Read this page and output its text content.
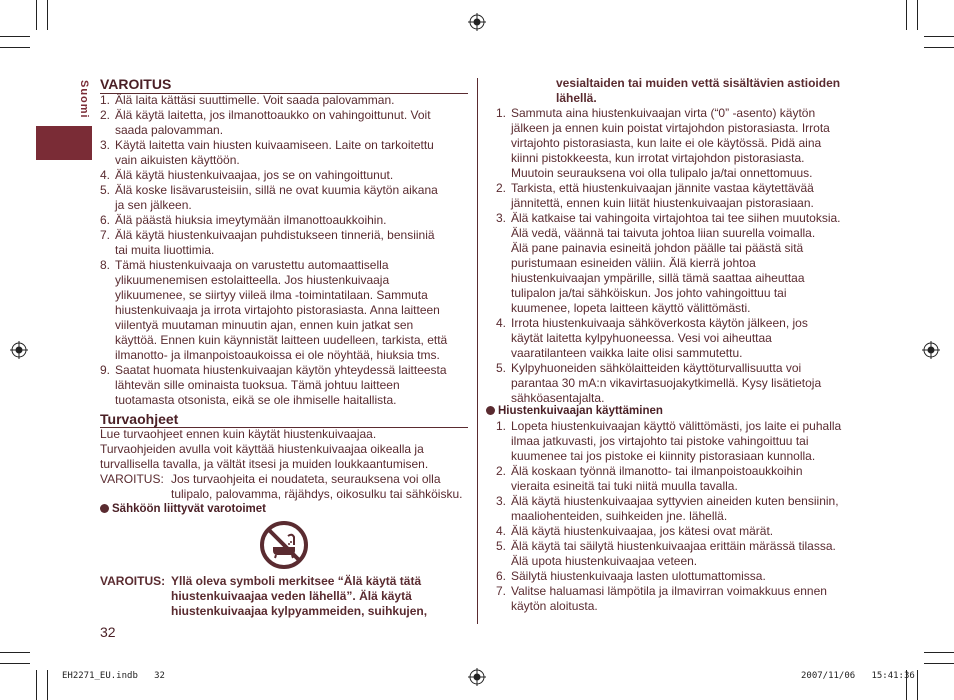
Suomi VAROITUS
1. Älä laita kättäsi suuttimelle. Voit saada palovamman.
2. Älä käytä laitetta, jos ilmanottoaukko on vahingoittunut. Voit
saada palovamman.
3. Käytä laitetta vain hiusten kuivaamiseen. Laite on tarkoitettu
vain aikuisten käyttöön.
4. Älä käytä hiustenkuivaajaa, jos se on vahingoittunut.
5. Älä koske lisävarusteisiin, sillä ne ovat kuumia käytön aikana
ja sen jälkeen.
6. Älä päästä hiuksia imeytymään ilmanottoaukkoihin.
7. Älä käytä hiustenkuivaajan puhdistukseen tinneriä, bensiiniä
tai muita liuottimia.
8. Tämä hiustenkuivaaja on varustettu automaattisella
ylikuumenemisen estolaitteella. Jos hiustenkuivaaja
ylikuumenee, se siirtyy viileä ilma -toimintatilaan. Sammuta
hiustenkuivaaja ja irrota virtajohto pistorasiasta. Anna laitteen
viilentyä muutaman minuutin ajan, ennen kuin jatkat sen
käyttöä. Ennen kuin käynnistät laitteen uudelleen, tarkista, että
ilmanotto- ja ilmanpoistoaukoissa ei ole nöyhtää, hiuksia tms.
9. Saatat huomata hiustenkuivaajan käytön yhteydessä laitteesta
lähtevän sille ominaista tuoksua. Tämä johtuu laitteen
tuotamasta otsonista, eikä se ole ihmiselle haitallista.
Turvaohjeet
Lue turvaohjeet ennen kuin käytät hiustenkuivaajaa.
Turvaohjeiden avulla voit käyttää hiustenkuivaajaa oikealla ja
turvallisella tavalla, ja vältät itsesi ja muiden loukkaantumisen.
VAROITUS: Jos turvaohjeita ei noudateta, seurauksena voi olla
tulipalo, palovamma, räjähdys, oikosulku tai sähköisku.
Sähköön liittyvät varotoimet
VAROITUS: Yllä oleva symboli merkitsee “Älä käytä tätä
hiustenkuivaajaa veden lähellä”. Älä käytä
hiustenkuivaajaa kylpyammeiden, suihkujen,
32
vesialtaiden tai muiden vettä sisältävien astioiden
lähellä.
1. Sammuta aina hiustenkuivaajan virta (“0” -asento) käytön
jälkeen ja ennen kuin poistat virtajohdon pistorasiasta. Irrota
virtajohto pistorasiasta, kun laite ei ole käytössä. Pidä aina
kiinni pistokkeesta, kun irrotat virtajohdon pistorasiasta.
Muutoin seurauksena voi olla tulipalo ja/tai onnettomuus.
2. Tarkista, että hiustenkuivaajan jännite vastaa käytettävää
jännitettä, ennen kuin liität hiustenkuivaajan pistorasiaan.
3. Älä katkaise tai vahingoita virtajohtoa tai tee siihen muutoksia.
Älä vedä, väännä tai taivuta johtoa liian suurella voimalla.
Älä pane painavia esineitä johdon päälle tai päästä sitä
puristumaan esineiden väliin. Älä kierrä johtoa
hiustenkuivaajan ympärille, sillä tämä saattaa aiheuttaa
tulipalon ja/tai sähköiskun. Jos johto vahingoittuu tai
kuumenee, lopeta laitteen käyttö välittömästi.
4. Irrota hiustenkuivaaja sähköverkosta käytön jälkeen, jos
käytät laitetta kylpyhuoneessa. Vesi voi aiheuttaa
vaaratilanteen vaikka laite olisi sammutettu.
5. Kylpyhuoneiden sähkölaitteiden käyttöturvallisuutta voi
parantaa 30 mA:n vikavirtasuojakytkimellä. Kysy lisätietoja
sähköasentajalta.
Hiustenkuivaajan käyttäminen
1. Lopeta hiustenkuivaajan käyttö välittömästi, jos laite ei puhalla
ilmaa jatkuvasti, jos virtajohto tai pistoke vahingoittuu tai
kuumenee tai jos pistoke ei kiinnity pistorasiaan kunnolla.
2. Älä koskaan työnnä ilmanotto- tai ilmanpoistoaukkoihin
vieraita esineitä tai tuki niitä muulla tavalla.
3. Älä käytä hiustenkuivaajaa syttyvien aineiden kuten bensiinin,
maaliohenteiden, suihkeiden jne. lähellä.
4. Älä käytä hiustenkuivaajaa, jos kätesi ovat märät.
5. Älä käytä tai säilytä hiustenkuivaajaa erittäin märässä tilassa.
Älä upota hiustenkuivaajaa veteen.
6. Säilytä hiustenkuivaaja lasten ulottumattomissa.
7. Valitse haluamasi lämpötila ja ilmavirran voimakkuus ennen
käytön aloitusta.
EH2271_EU.indb 32	2007/11/06 15:41:36
